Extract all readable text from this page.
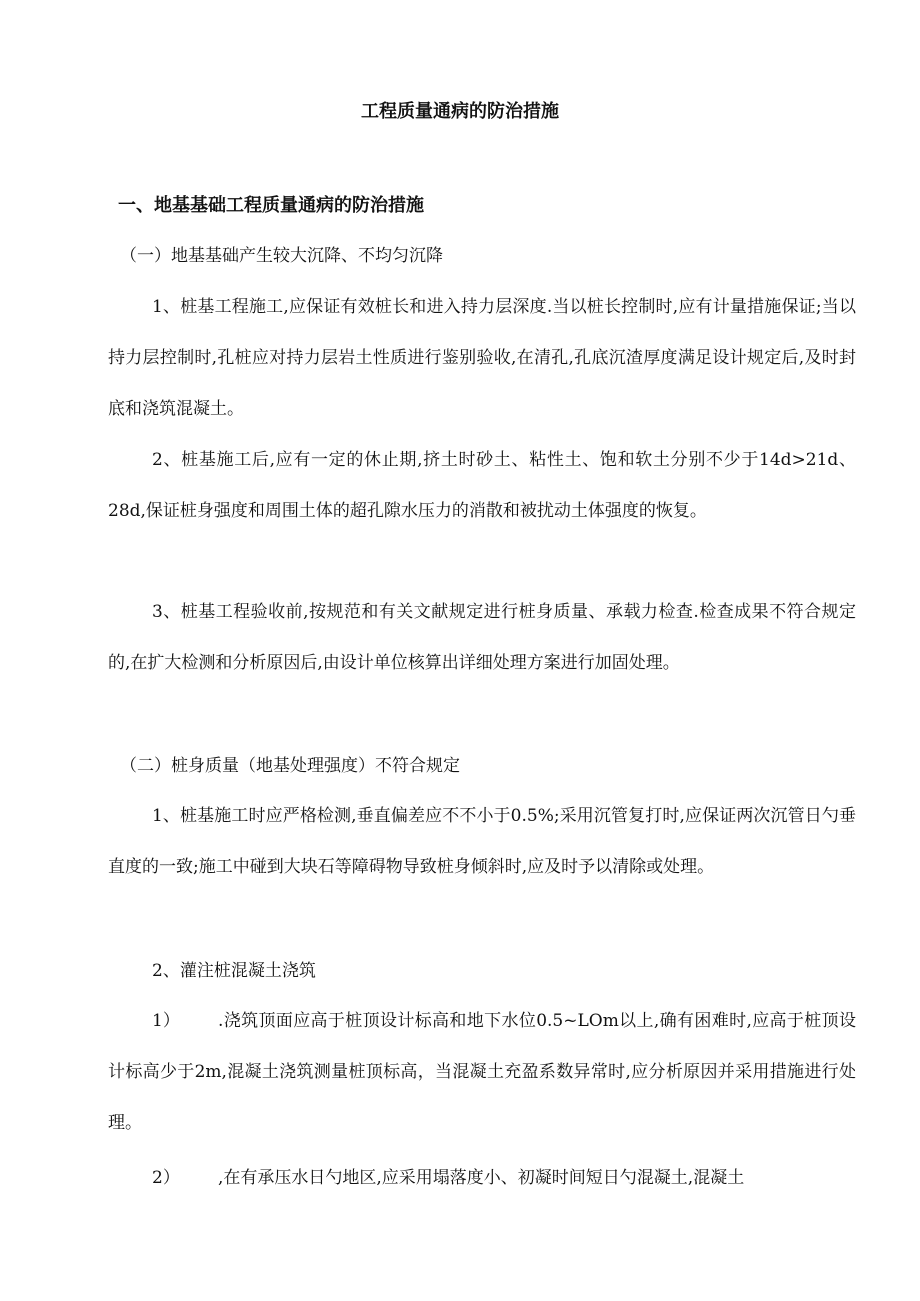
工程质量通病的防治措施
一、地基基础工程质量通病的防治措施
（一）地基基础产生较大沉降、不均匀沉降

1、桩基工程施工,应保证有效桩长和进入持力层深度.当以桩长控制时,应有计量措施保证;当以持力层控制时,孔桩应对持力层岩土性质进行鉴别验收,在清孔,孔底沉渣厚度满足设计规定后,及时封底和浇筑混凝土。

2、桩基施工后,应有一定的休止期,挤土时砂土、粘性土、饱和软土分别不少于14d>21d、28d,保证桩身强度和周围土体的超孔隙水压力的消散和被扰动土体强度的恢复。

3、桩基工程验收前,按规范和有关文献规定进行桩身质量、承载力检查.检查成果不符合规定的,在扩大检测和分析原因后,由设计单位核算出详细处理方案进行加固处理。

（二）桩身质量（地基处理强度）不符合规定

1、桩基施工时应严格检测,垂直偏差应不不小于0.5%;采用沉管复打时,应保证两次沉管日勺垂直度的一致;施工中碰到大块石等障碍物导致桩身倾斜时,应及时予以清除或处理。

2、灌注桩混凝土浇筑

1） .浇筑顶面应高于桩顶设计标高和地下水位0.5~LOm以上,确有困难时,应高于桩顶设计标高少于2m,混凝土浇筑测量桩顶标高，当混凝土充盈系数异常时,应分析原因并采用措施进行处理。

2） ,在有承压水日勺地区,应采用塌落度小、初凝时间短日勺混凝土,混凝土
